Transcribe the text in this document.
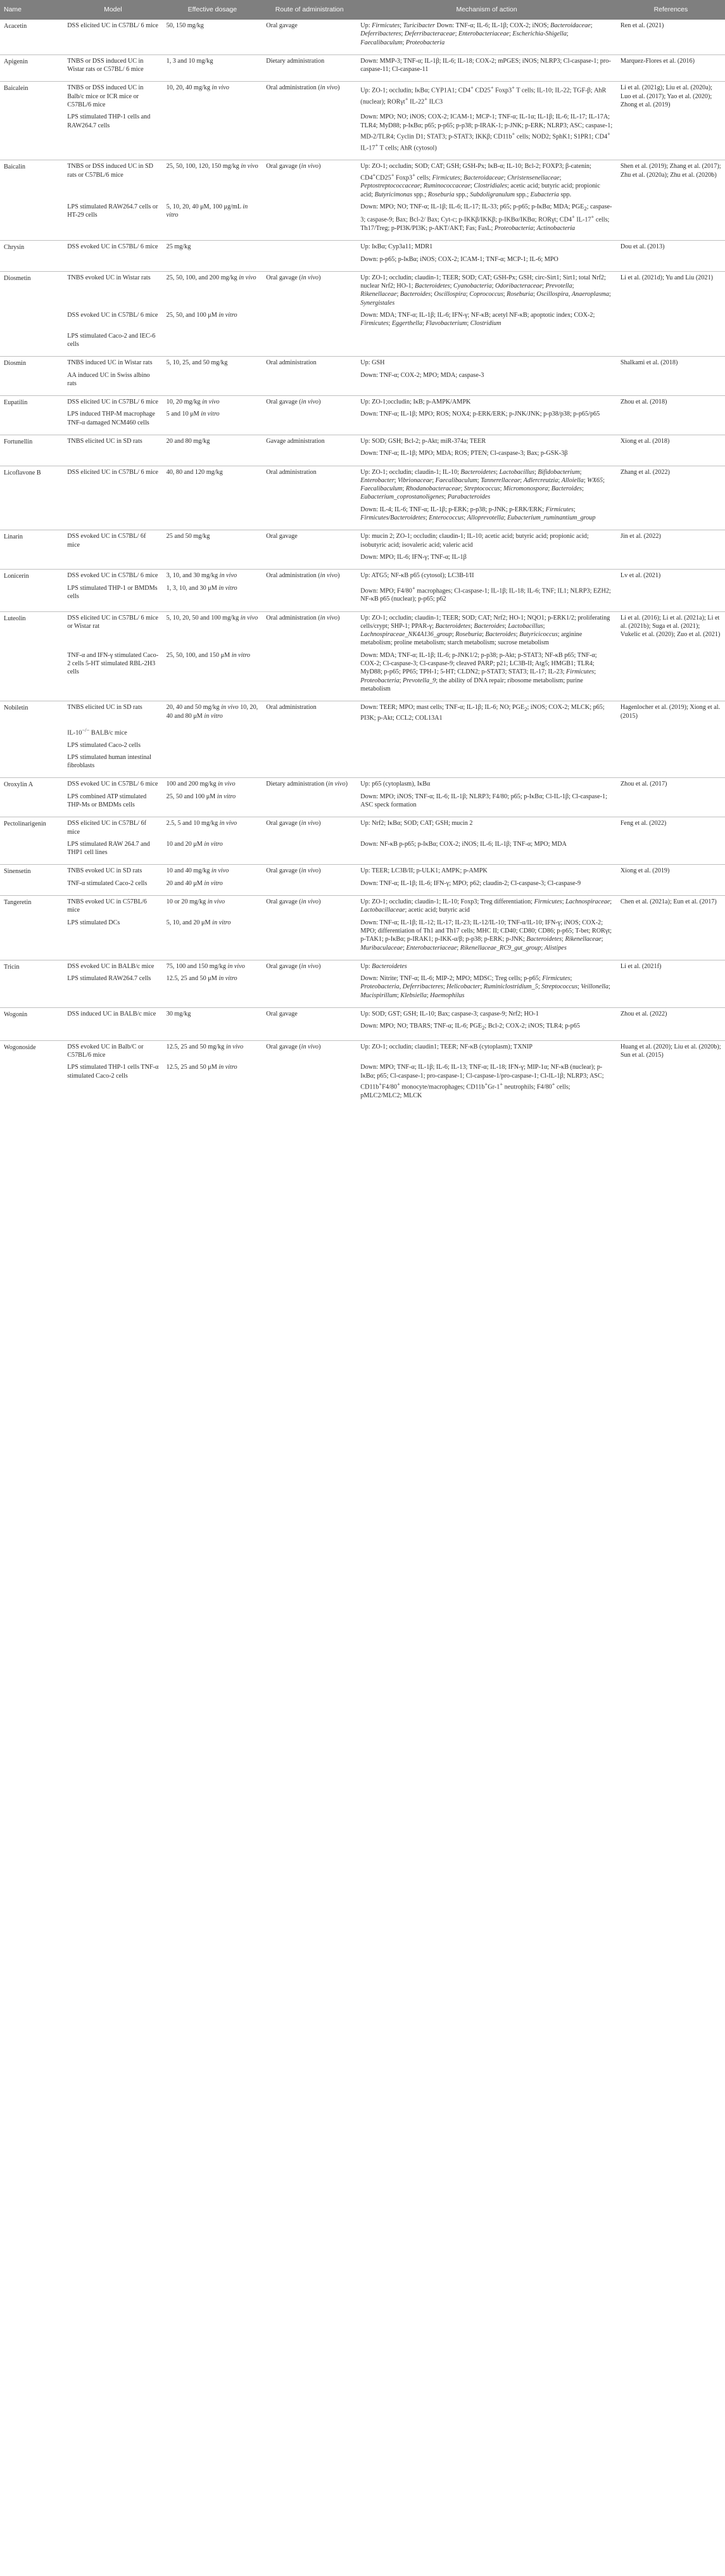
Name	Model	Effective dosage	Route of administration	Mechanism of action	References
Acacetin	DSS elicited UC in C57BL/ 6 mice	50, 150 mg/kg	Oral gavage	Up: Firmicutes; Turicibacter Down: TNF-α; IL-6; IL-1β; COX-2; iNOS; Bacteroidaceae; Deferribacteres; Deferribacteraceae; Enterobacteriaceae; Escherichia-Shigella; Faecalibaculum; Proteobacteria	Ren et al. (2021)

Apigenin	TNBS or DSS induced UC in Wistar rats or C57BL/ 6 mice	1, 3 and 10 mg/kg	Dietary administration	Down: MMP-3; TNF-α; IL-1β; IL-6; IL-18; COX-2; mPGES; iNOS; NLRP3; Cl-caspase-1; pro-caspase-11; Cl-caspase-11	Marquez-Flores et al. (2016)

Baicalein	TNBS or DSS induced UC in Balb/c mice or ICR mice or C57BL/6 mice	10, 20, 40 mg/kg in vivo	Oral administration (in vivo)	Up: ZO-1; occludin; IκBα; CYP1A1; CD4+ CD25+ Foxp3+ T cells; IL-10; IL-22; TGF-β; AhR (nuclear); RORγt+ IL-22+ ILC3	Li et al. (2021g); Liu et al. (2020a); Luo et al. (2017); Yao et al. (2020); Zhong et al. (2019)
	LPS stimulated THP-1 cells and RAW264.7 cells			Down: MPO; NO; iNOS; COX-2; ICAM-1; MCP-1; TNF-α; IL-1α; IL-1β; IL-6; IL-17; IL-17A; TLR4; MyD88; p-IκBα; p65; p-p65; p-p38; p-IRAK-1; p-JNK; p-ERK; NLRP3; ASC; caspase-1; MD-2/TLR4; Cyclin D1; STAT3; p-STAT3; IKKβ; CD11b+ cells; NOD2; SphK1; S1PR1; CD4+ IL-17+ T cells; AhR (cytosol)	

Baicalin	TNBS or DSS induced UC in SD rats or C57BL/6 mice	25, 50, 100, 120, 150 mg/kg in vivo	Oral gavage (in vivo)	Up: ZO-1; occludin; SOD; CAT; GSH; GSH-Px; IκB-α; IL-10; Bcl-2; FOXP3; β-catenin; CD4+CD25+ Foxp3+ cells; Firmicutes; Bacteroidaceae; Christensenellaceae; Peptostreptococcaceae; Ruminococcaceae; Clostridiales; acetic acid; butyric acid; propionic acid; Butyricimonas spp.; Roseburia spp.; Subdoligranulum spp.; Eubacteria spp.	Shen et al. (2019); Zhang et al. (2017); Zhu et al. (2020a); Zhu et al. (2020b)
	LPS stimulated RAW264.7 cells or HT-29 cells	5, 10, 20, 40 μM, 100 μg/mL in vitro		Down: MPO; NO; TNF-α; IL-1β; IL-6; IL-17; IL-33; p65; p-p65; p-IκBα; MDA; $PGE_2$; caspase-3; caspase-9; Bax; Bcl-2/ Bax; Cyt-c; p-IKKβ/IKKβ; p-IKBα/IKBα; RORγt; CD4+ IL-17+ cells; Th17/Treg; p-PI3K/PI3K; p-AKT/AKT; Fas; FasL; Proteobacteria; Actinobacteria	

Chrysin	DSS evoked UC in C57BL/ 6 mice	25 mg/kg		Up: IκBα; Cyp3a11; MDR1	Dou et al. (2013)
				Down: p-p65; p-IκBα; iNOS; COX-2; ICAM-1; TNF-α; MCP-1; IL-6; MPO	

Diosmetin	TNBS evoked UC in Wistar rats	25, 50, 100, and 200 mg/kg in vivo	Oral gavage (in vivo)	Up: ZO-1; occludin; claudin-1; TEER; SOD; CAT; GSH-Px; GSH; circ-Sirt1; Sirt1; total Nrf2; nuclear Nrf2; HO-1; Bacteroidetes; Cyanobacteria; Odoribacteraceae; Prevotella; Rikenellaceae; Bacteroides; Oscillospira; Coprococcus; Roseburia; Oscillospira, Anaeroplasma; Synergistales	Li et al. (2021d); Yu and Liu (2021)
	DSS evoked UC in C57BL/ 6 mice	25, 50, and 100 μM in vitro		Down: MDA; TNF-α; IL-1β; IL-6; IFN-γ; NF-κB; acetyl NF-κB; apoptotic index; COX-2; Firmicutes; Eggerthella; Flavobacterium; Clostridium	
	LPS stimulated Caco-2 and IEC-6 cells				

Diosmin	TNBS induced UC in Wistar rats	5, 10, 25, and 50 mg/kg	Oral administration	Up: GSH	Shalkami et al. (2018)
	AA induced UC in Swiss albino rats			Down: TNF-α; COX-2; MPO; MDA; caspase-3	

Eupatilin	DSS elicited UC in C57BL/ 6 mice	10, 20 mg/kg in vivo	Oral gavage (in vivo)	Up: ZO-1;occludin; IκB; p-AMPK/AMPK	Zhou et al. (2018)
	LPS induced THP-M macrophage TNF-α damaged NCM460 cells	5 and 10 μM in vitro		Down: TNF-α; IL-1β; MPO; ROS; NOX4; p-ERK/ERK; p-JNK/JNK; p-p38/p38; p-p65/p65	

Fortunellin	TNBS elicited UC in SD rats	20 and 80 mg/kg	Gavage administration	Up: SOD; GSH; Bcl-2; p-Akt; miR-374a; TEER	Xiong et al. (2018)
				Down: TNF-α; IL-1β; MPO; MDA; ROS; PTEN; Cl-caspase-3; Bax; p-GSK-3β	

Licoflavone B	DSS elicited UC in C57BL/ 6 mice	40, 80 and 120 mg/kg	Oral administration	Up: ZO-1; occludin; claudin-1; IL-10; Bacteroidetes; Lactobacillus; Bifidobacterium; Enterobacter; Vibrionaceae; Faecalibaculum; Tannerellaceae; Adlercreutzia; Alloiella; WX65; Faecalibaculum; Rhodanobacteraceae; Streptococcus; Micromonospora; Bacteroides; Eubacterium_coprostanoligenes; Parabacteroides	Zhang et al. (2022)
				Down: IL-4; IL-6; TNF-α; IL-1β; p-ERK; p-p38; p-JNK; p-ERK/ERK; Firmicutes; Firmicutes/Bacteroidetes; Enterococcus; Alloprevotella; Eubacterium_ruminantium_group	

Linarin	DSS evoked UC in C57BL/ 6f mice	25 and 50 mg/kg	Oral gavage	Up: mucin 2; ZO-1; occludin; claudin-1; IL-10; acetic acid; butyric acid; propionic acid; isobutyric acid; isovaleric acid; valeric acid	Jin et al. (2022)
				Down: MPO; IL-6; IFN-γ; TNF-α; IL-1β	

Lonicerin	DSS evoked UC in C57BL/ 6 mice	3, 10, and 30 mg/kg in vivo	Oral administration (in vivo)	Up: ATG5; NF-κB p65 (cytosol); LC3B-I/II	Lv et al. (2021)
	LPS stimulated THP-1 or BMDMs cells	1, 3, 10, and 30 μM in vitro		Down: MPO; F4/80+ macrophages; Cl-caspase-1; IL-1β; IL-18; IL-6; TNF; IL1; NLRP3; EZH2; NF-κB p65 (nuclear); p-p65; p62	

Luteolin	DSS elicited UC in C57BL/ 6 mice or Wistar rat	5, 10, 20, 50 and 100 mg/kg in vivo	Oral administration (in vivo)	Up: ZO-1; occludin; claudin-1; TEER; SOD; CAT; Nrf2; HO-1; NQO1; p-ERK1/2; proliferating cells/crypt; SHP-1; PPAR-γ; Bacteroidetes; Bacteroides; Lactobacillus; Lachnospiraceae_NK4A136_group; Roseburia; Bacteroides; Butyricicoccus; arginine metabolism; proline metabolism; starch metabolism; sucrose metabolism	Li et al. (2016); Li et al. (2021a); Li et al. (2021b); Suga et al. (2021); Vukelic et al. (2020); Zuo et al. (2021)
	TNF-α and IFN-γ stimulated Caco-2 cells 5-HT stimulated RBL-2H3 cells	25, 50, 100, and 150 μM in vitro		Down: MDA; TNF-α; IL-1β; IL-6; p-JNK1/2; p-p38; p-Akt; p-STAT3; NF-κB p65; TNF-α; COX-2; Cl-caspase-3; Cl-caspase-9; cleaved PARP; p21; LC3B-II; Atg5; HMGB1; TLR4; MyD88; p-p65; PP65; TPH-1; 5-HT; CLDN2; p-STAT3; STAT3; IL-17; IL-23; Firmicutes; Proteobacteria; Prevotella_9; the ability of DNA repair; ribosome metabolism; purine metabolism	

Nobiletin	TNBS elicited UC in SD rats	20, 40 and 50 mg/kg in vivo 10, 20, 40 and 80 μM in vitro	Oral administration	Down: TEER; MPO; mast cells; TNF-α; IL-1β; IL-6; NO; $PGE_2$; iNOS; COX-2; MLCK; p65; PI3K; p-Akt; CCL2; COL13A1	Hagenlocher et al. (2019); Xiong et al. (2015)
	IL-10−/− BALB/c mice				
	LPS stimulated Caco-2 cells				
	LPS stimulated human intestinal fibroblasts				

Oroxylin A	DSS evoked UC in C57BL/ 6 mice	100 and 200 mg/kg in vivo	Dietary administration (in vivo)	Up: p65 (cytoplasm), IκBα	Zhou et al. (2017)
	LPS combined ATP stimulated THP-Ms or BMDMs cells	25, 50 and 100 μM in vitro		Down: MPO; iNOS; TNF-α; IL-6; IL-1β; NLRP3; F4/80; p65; p-IκBα; Cl-IL-1β; Cl-caspase-1; ASC speck formation	

Pectolinarigenin	DSS elicited UC in C57BL/ 6f mice	2.5, 5 and 10 mg/kg in vivo	Oral gavage (in vivo)	Up: Nrf2; IκBα; SOD; CAT; GSH; mucin 2	Feng et al. (2022)
	LPS stimulated RAW 264.7 and THP1 cell lines	10 and 20 μM in vitro		Down: NF-κB p-p65; p-IκBα; COX-2; iNOS; IL-6; IL-1β; TNF-α; MPO; MDA	

Sinensetin	TNBS evoked UC in SD rats	10 and 40 mg/kg in vivo	Oral gavage (in vivo)	Up: TEER; LC3B/II; p-ULK1; AMPK; p-AMPK	Xiong et al. (2019)
	TNF-α stimulated Caco-2 cells	20 and 40 μM in vitro		Down: TNF-α; IL-1β; IL-6; IFN-γ; MPO; p62; claudin-2; Cl-caspase-3; Cl-caspase-9	

Tangeretin	TNBS evoked UC in C57BL/6 mice	10 or 20 mg/kg in vivo	Oral gavage (in vivo)	Up: ZO-1; occludin; claudin-1; IL-10; Foxp3; Treg differentiation; Firmicutes; Lachnospiraceae; Lactobacillaceae; acetic acid; butyric acid	Chen et al. (2021a); Eun et al. (2017)
	LPS stimulated DCs	5, 10, and 20 μM in vitro		Down: TNF-α; IL-1β; IL-12; IL-17; IL-23; IL-12/IL-10; TNF-α/IL-10; IFN-γ; iNOS; COX-2; MPO; differentiation of Th1 and Th17 cells; MHC II; CD40; CD80; CD86; p-p65; T-bet; RORγt; p-TAK1; p-IκBα; p-IRAK1; p-IKK-α/β; p-p38; p-ERK; p-JNK; Bacteroidetes; Rikenellaceae; Muribaculaceae; Enterobacteriaceae; Rikenellaceae_RC9_gut_group; Alistipes	

Tricin	DSS evoked UC in BALB/c mice	75, 100 and 150 mg/kg in vivo	Oral gavage (in vivo)	Up: Bacteroidetes	Li et al. (2021f)
	LPS stimulated RAW264.7 cells	12.5, 25 and 50 μM in vitro		Down: Nitrite; TNF-α; IL-6; MIP-2; MPO; MDSC; Treg cells; p-p65; Firmicutes; Proteobacteria, Deferribacteres; Helicobacter; Ruminiclostridium_5; Streptococcus; Veillonella; Mucispirillum; Klebsiella; Haemophilus	

Wogonin	DSS induced UC in BALB/c mice	30 mg/kg	Oral gavage	Up: SOD; GST; GSH; IL-10; Bax; caspase-3; caspase-9; Nrf2; HO-1	Zhou et al. (2022)
				Down: MPO; NO; TBARS; TNF-α; IL-6; $PGE_2$; Bcl-2; COX-2; iNOS; TLR4; p-p65	

Wogonoside	DSS evoked UC in Balb/C or C57BL/6 mice	12.5, 25 and 50 mg/kg in vivo	Oral gavage (in vivo)	Up: ZO-1; occludin; claudin1; TEER; NF-κB (cytoplasm); TXNIP	Huang et al. (2020); Liu et al. (2020b); Sun et al. (2015)
	LPS stimulated THP-1 cells TNF-α stimulated Caco-2 cells	12.5, 25 and 50 μM in vitro		Down: MPO; TNF-α; IL-1β; IL-6; IL-13; TNF-α; IL-18; IFN-γ; MIP-1α; NF-κB (nuclear); p-IκBα; p65; Cl-caspase-1; pro-caspase-1; Cl-caspase-1/pro-caspase-1; Cl-IL-1β; NLRP3; ASC; CD11b+F4/80+ monocyte/macrophages; CD11b+Gr-1+ neutrophils; F4/80+ cells; pMLC2/MLC2; MLCK	
